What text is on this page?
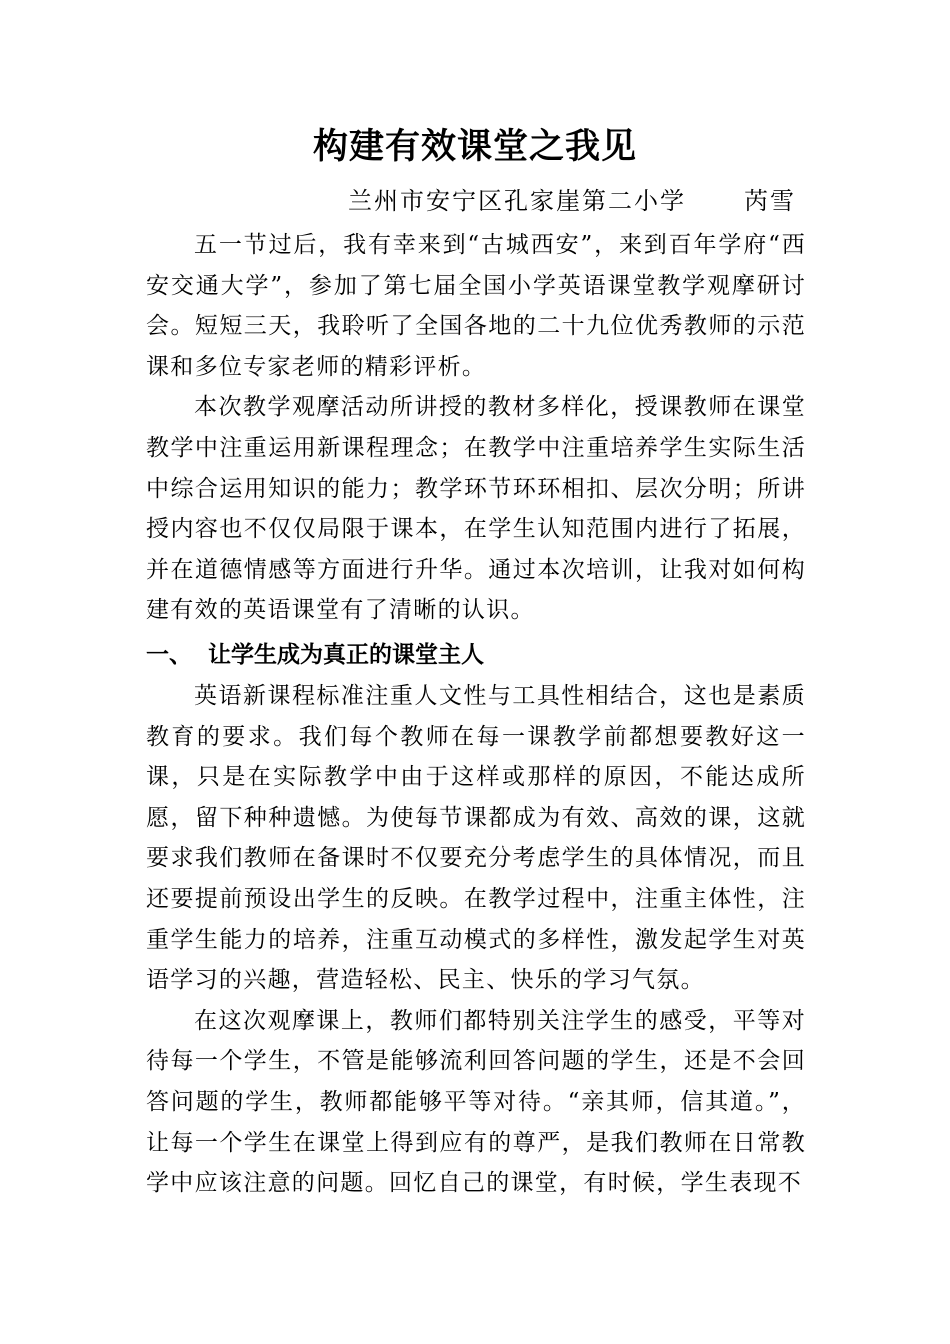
构建有效课堂之我见
兰州市安宁区孔家崖第二小学 芮雪

五一节过后，我有幸来到“古城西安”，来到百年学府“西安交通大学”，参加了第七届全国小学英语课堂教学观摩研讨会。短短三天，我聆听了全国各地的二十九位优秀教师的示范课和多位专家老师的精彩评析。

本次教学观摩活动所讲授的教材多样化，授课教师在课堂教学中注重运用新课程理念；在教学中注重培养学生实际生活中综合运用知识的能力；教学环节环环相扣、层次分明；所讲授内容也不仅仅局限于课本，在学生认知范围内进行了拓展，并在道德情感等方面进行升华。通过本次培训，让我对如何构建有效的英语课堂有了清晰的认识。

一、 让学生成为真正的课堂主人

英语新课程标准注重人文性与工具性相结合，这也是素质教育的要求。我们每个教师在每一课教学前都想要教好这一课，只是在实际教学中由于这样或那样的原因，不能达成所愿，留下种种遗憾。为使每节课都成为有效、高效的课，这就要求我们教师在备课时不仅要充分考虑学生的具体情况，而且还要提前预设出学生的反映。在教学过程中，注重主体性，注重学生能力的培养，注重互动模式的多样性，激发起学生对英语学习的兴趣，营造轻松、民主、快乐的学习气氛。

在这次观摩课上，教师们都特别关注学生的感受，平等对待每一个学生，不管是能够流利回答问题的学生，还是不会回答问题的学生，教师都能够平等对待。“亲其师，信其道。”，让每一个学生在课堂上得到应有的尊严，是我们教师在日常教学中应该注意的问题。回忆自己的课堂，有时候，学生表现不
